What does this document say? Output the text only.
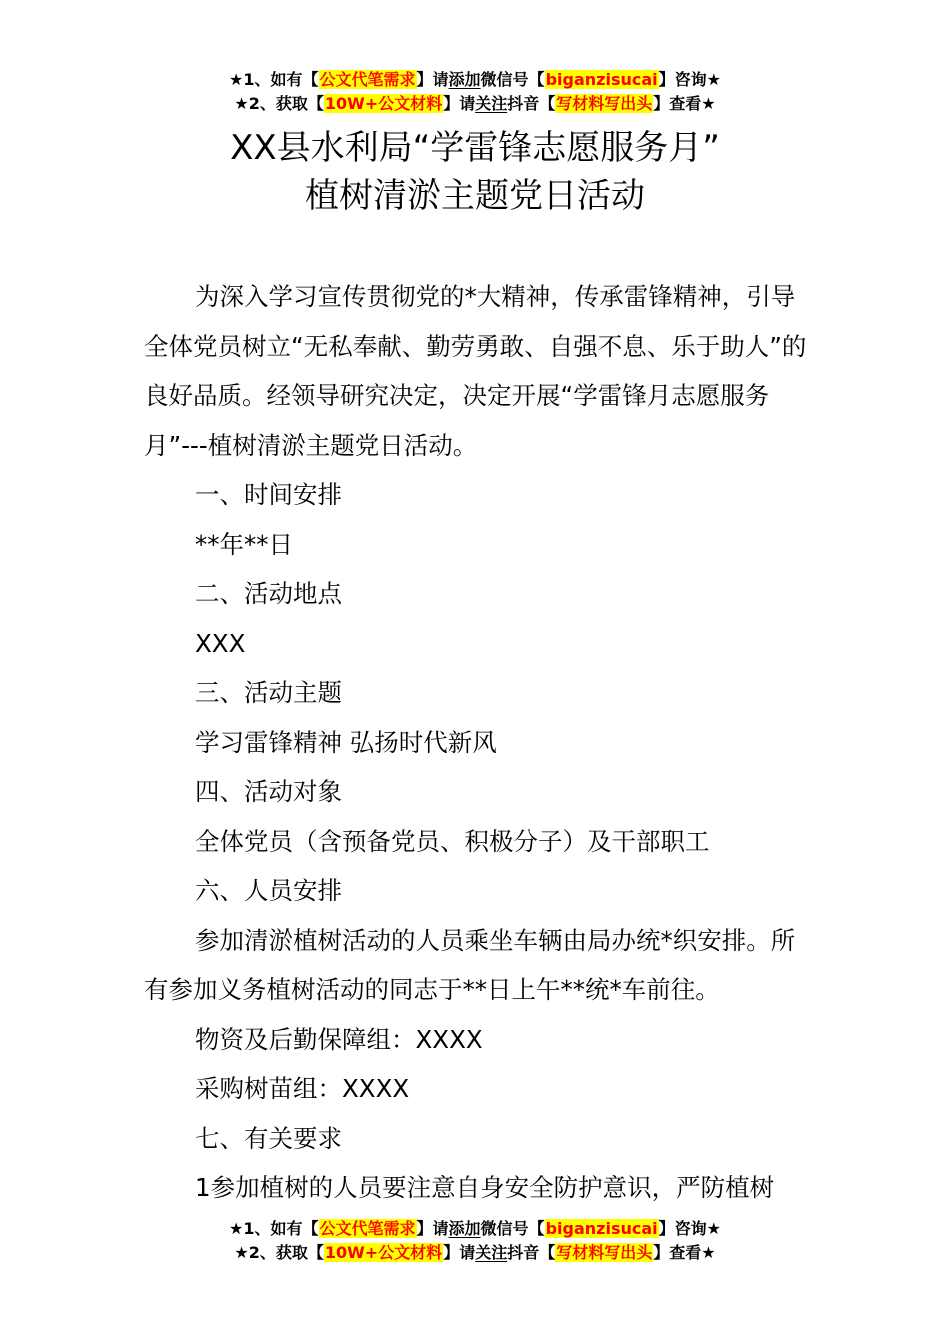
★1、如有【公文代笔需求】请添加微信号【biganzisucai】咨询★
★2、获取【10W+公文材料】请关注抖音【写材料写出头】查看★
XX县水利局“学雷锋志愿服务月”
植树清淤主题党日活动

为深入学习宣传贯彻党的*大精神，传承雷锋精神，引导全体党员树立“无私奉献、勤劳勇敢、自强不息、乐于助人”的良好品质。经领导研究决定，决定开展“学雷锋月志愿服务月”---植树清淤主题党日活动。

一、时间安排

**年**日

二、活动地点

XXX

三、活动主题

学习雷锋精神 弘扬时代新风

四、活动对象

全体党员（含预备党员、积极分子）及干部职工

六、人员安排

参加清淤植树活动的人员乘坐车辆由局办统*织安排。所有参加义务植树活动的同志于**日上午**统*车前往。

物资及后勤保障组：XXXX

采购树苗组：XXXX

七、有关要求

1参加植树的人员要注意自身安全防护意识，严防植树

★1、如有【公文代笔需求】请添加微信号【biganzisucai】咨询★
★2、获取【10W+公文材料】请关注抖音【写材料写出头】查看★
